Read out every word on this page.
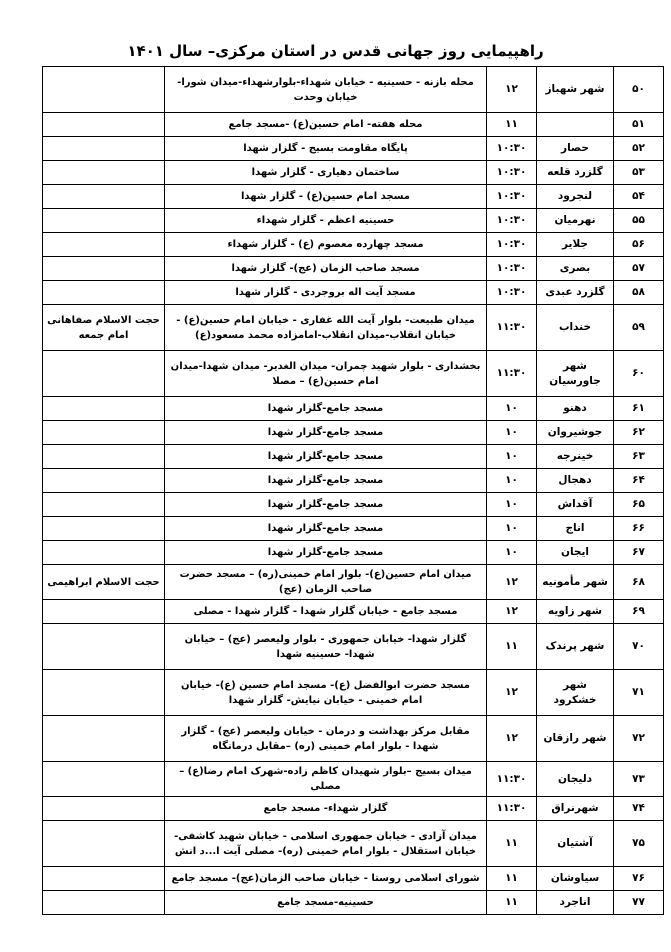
راهپیمایی روز جهانی قدس در استان مرکزی– سال ۱۴۰۱
۵۰	شهر شهباز	۱۲	محله بازنه - حسینیه - خیابان شهداء-بلوارشهداء-میدان شورا- خیابان وحدت	
۵۱		۱۱	محله هفته- امام حسین(ع) -مسجد جامع	
۵۲	حصار	۱۰:۳۰	پایگاه مقاومت بسیج - گلزار شهدا	
۵۳	گلزرد قلعه	۱۰:۳۰	ساختمان دهیاری - گلزار شهدا	
۵۴	لنجرود	۱۰:۳۰	مسجد امام حسین(ع) - گلزار شهدا	
۵۵	نهرمیان	۱۰:۳۰	حسینیه اعظم - گلزار شهداء	
۵۶	جلایر	۱۰:۳۰	مسجد چهارده معصوم (ع) - گلزار شهداء	
۵۷	بصری	۱۰:۳۰	مسجد صاحب الزمان (عج)- گلزار شهدا	
۵۸	گلزرد عبدی	۱۰:۳۰	مسجد آیت اله بروجردی - گلزار شهدا	
۵۹	خنداب	۱۱:۳۰	میدان طبیعت- بلوار آیت الله غفاری - خیابان امام حسین(ع) - خیابان انقلاب-میدان انقلاب-امامزاده محمد مسعود(ع)	حجت الاسلام صفاهانی امام جمعه
۶۰	شهر جاورسیان	۱۱:۳۰	بخشداری - بلوار شهید چمران- میدان الغدیر- میدان شهدا-میدان امام حسین(ع) – مصلا	
۶۱	دهنو	۱۰	مسجد جامع-گلزار شهدا	
۶۲	جوشیروان	۱۰	مسجد جامع-گلزار شهدا	
۶۳	خینرجه	۱۰	مسجد جامع-گلزار شهدا	
۶۴	دهجال	۱۰	مسجد جامع-گلزار شهدا	
۶۵	آقداش	۱۰	مسجد جامع-گلزار شهدا	
۶۶	اناج	۱۰	مسجد جامع-گلزار شهدا	
۶۷	ایجان	۱۰	مسجد جامع-گلزار شهدا	
۶۸	شهر مأمونیه	۱۲	میدان امام حسین(ع)- بلوار امام خمینی(ره) – مسجد حضرت صاحب الزمان (عج)	حجت الاسلام ابراهیمی
۶۹	شهر زاویه	۱۲	مسجد جامع - خیابان گلزار شهدا - گلزار شهدا - مصلی	
۷۰	شهر پرندک	۱۱	گلزار شهدا- خیابان جمهوری - بلوار ولیعصر (عج) – خیابان شهدا- حسینیه شهدا	
۷۱	شهر خشکرود	۱۲	مسجد حضرت ابوالفضل (ع)- مسجد امام حسین (ع)- خیابان امام خمینی - خیابان نیایش- گلزار شهدا	
۷۲	شهر رازقان	۱۲	مقابل مرکز بهداشت و درمان - خیابان ولیعصر (عج) - گلزار شهدا - بلوار امام خمینی (ره) –مقابل درمانگاه	
۷۳	دلیجان	۱۱:۳۰	میدان بسیج –بلوار شهیدان کاظم زاده-شهرک امام رضا(ع) – مصلی	
۷۴	شهرنراق	۱۱:۳۰	گلزار شهداء- مسجد جامع	
۷۵	آشتیان	۱۱	میدان آزادی - خیابان جمهوری اسلامی - خیابان شهید کاشفی- خیابان استقلال - بلوار امام خمینی (ره)- مصلی آیت ا...د انش	
۷۶	سیاوشان	۱۱	شورای اسلامی روستا - خیابان صاحب الزمان(عج)- مسجد جامع	
۷۷	اناجرد	۱۱	حسینیه-مسجد جامع	
